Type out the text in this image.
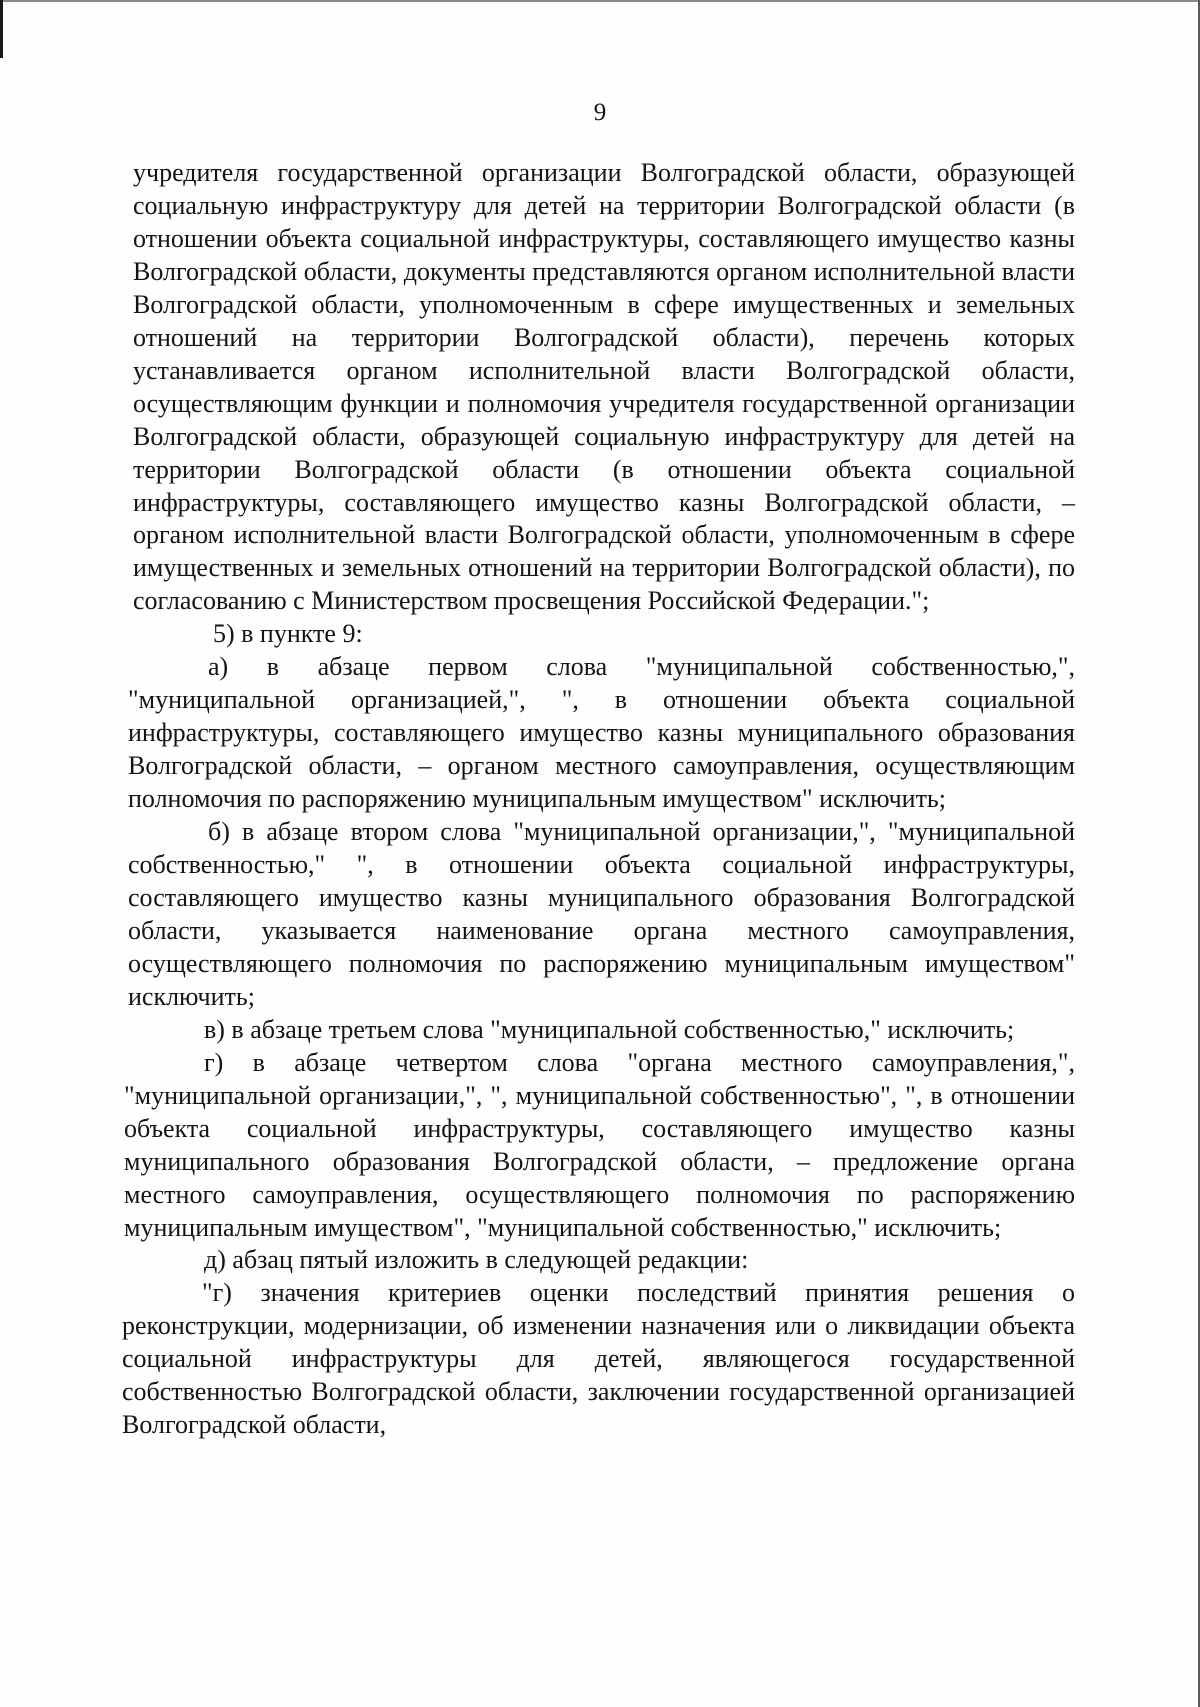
9

учредителя государственной организации Волгоградской области, образующей социальную инфраструктуру для детей на территории Волгоградской области (в отношении объекта социальной инфраструктуры, составляющего имущество казны Волгоградской области, документы представляются органом исполнительной власти Волгоградской области, уполномоченным в сфере имущественных и земельных отношений на территории Волгоградской области), перечень которых устанавливается органом исполнительной власти Волгоградской области, осуществляющим функции и полномочия учредителя государственной организации Волгоградской области, образующей социальную инфраструктуру для детей на территории Волгоградской области (в отношении объекта социальной инфраструктуры, составляющего имущество казны Волгоградской области, – органом исполнительной власти Волгоградской области, уполномоченным в сфере имущественных и земельных отношений на территории Волгоградской области), по согласованию с Министерством просвещения Российской Федерации.";

5) в пункте 9:

а) в абзаце первом слова "муниципальной собственностью,", "муниципальной организацией,", ", в отношении объекта социальной инфраструктуры, составляющего имущество казны муниципального образования Волгоградской области, – органом местного самоуправления, осуществляющим полномочия по распоряжению муниципальным имуществом" исключить;

б) в абзаце втором слова "муниципальной организации,", "муниципальной собственностью," ", в отношении объекта социальной инфраструктуры, составляющего имущество казны муниципального образования Волгоградской области, указывается наименование органа местного самоуправления, осуществляющего полномочия по распоряжению муниципальным имуществом" исключить;

в) в абзаце третьем слова "муниципальной собственностью," исключить;

г) в абзаце четвертом слова "органа местного самоуправления,", "муниципальной организации,", ", муниципальной собственностью", ", в отношении объекта социальной инфраструктуры, составляющего имущество казны муниципального образования Волгоградской области, – предложение органа местного самоуправления, осуществляющего полномочия по распоряжению муниципальным имуществом", "муниципальной собственностью," исключить;

д) абзац пятый изложить в следующей редакции:

"г) значения критериев оценки последствий принятия решения о реконструкции, модернизации, об изменении назначения или о ликвидации объекта социальной инфраструктуры для детей, являющегося государственной собственностью Волгоградской области, заключении государственной организацией Волгоградской области,
